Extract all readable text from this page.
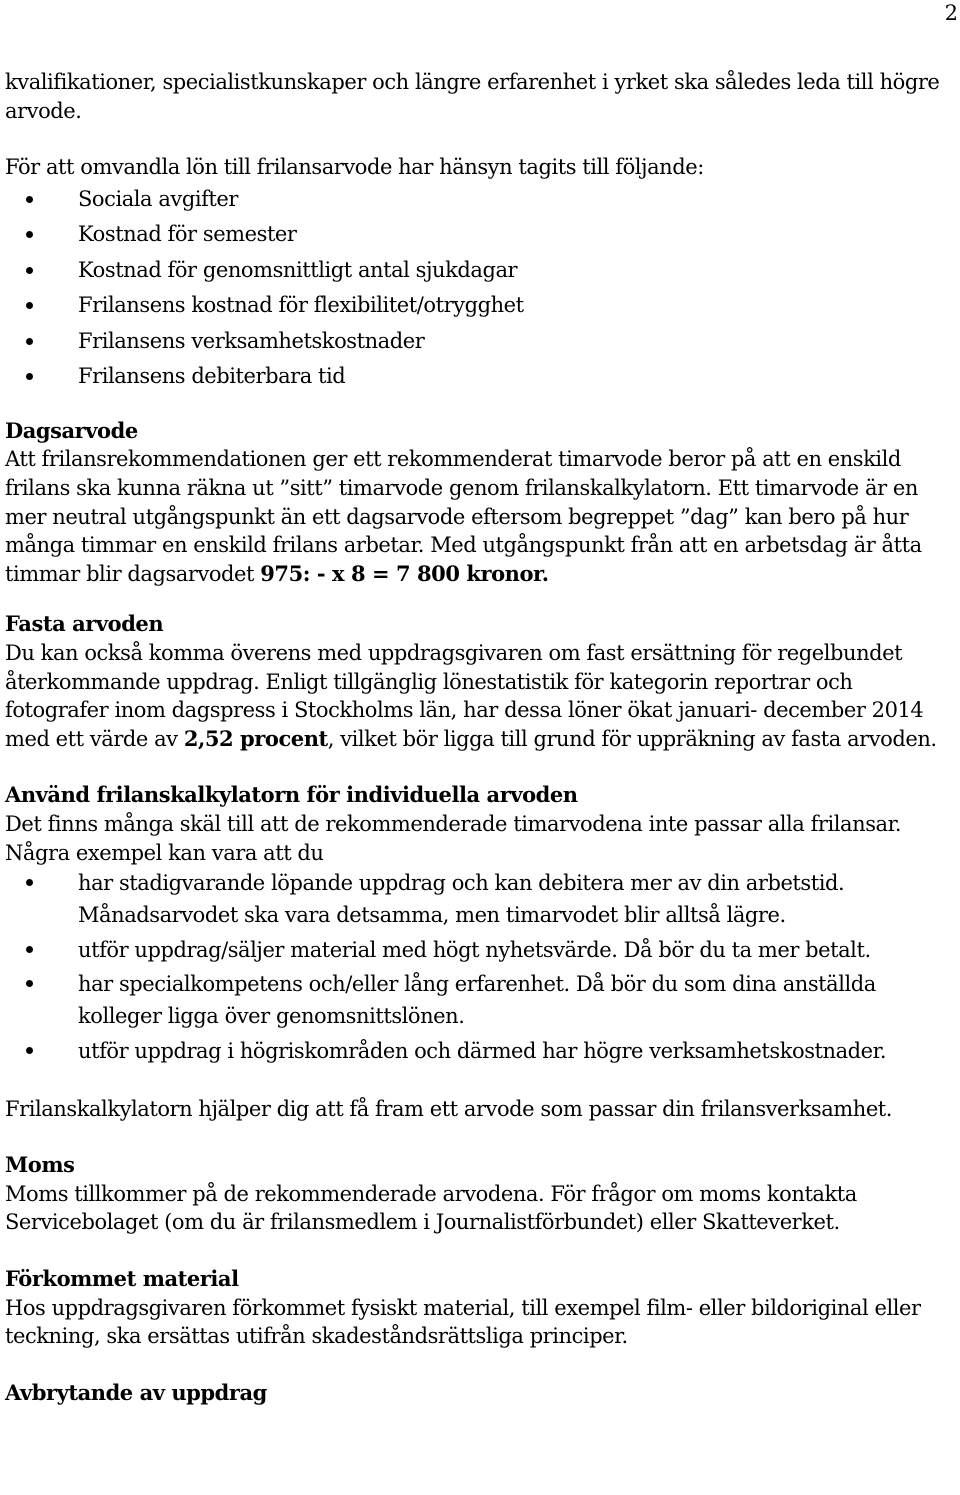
2

kvalifikationer, specialistkunskaper och längre erfarenhet i yrket ska således leda till högre arvode.

För att omvandla lön till frilansarvode har hänsyn tagits till följande:

Sociala avgifter
Kostnad för semester
Kostnad för genomsnittligt antal sjukdagar
Frilansens kostnad för flexibilitet/otrygghet
Frilansens verksamhetskostnader
Frilansens debiterbara tid
Dagsarvode

Att frilansrekommendationen ger ett rekommenderat timarvode beror på att en enskild frilans ska kunna räkna ut ”sitt” timarvode genom frilanskalkylatorn. Ett timarvode är en mer neutral utgångspunkt än ett dagsarvode eftersom begreppet ”dag” kan bero på hur många timmar en enskild frilans arbetar. Med utgångspunkt från att en arbetsdag är åtta timmar blir dagsarvodet 975: - x 8 = 7 800 kronor.

Fasta arvoden

Du kan också komma överens med uppdragsgivaren om fast ersättning för regelbundet återkommande uppdrag. Enligt tillgänglig lönestatistik för kategorin reportrar och fotografer inom dagspress i Stockholms län, har dessa löner ökat januari- december 2014 med ett värde av 2,52 procent, vilket bör ligga till grund för uppräkning av fasta arvoden.

Använd frilanskalkylatorn för individuella arvoden

Det finns många skäl till att de rekommenderade timarvodena inte passar alla frilansar. Några exempel kan vara att du

har stadigvarande löpande uppdrag och kan debitera mer av din arbetstid. Månadsarvodet ska vara detsamma, men timarvodet blir alltså lägre.
utför uppdrag/säljer material med högt nyhetsvärde. Då bör du ta mer betalt.
har specialkompetens och/eller lång erfarenhet. Då bör du som dina anställda kolleger ligga över genomsnittslönen.
utför uppdrag i högriskområden och därmed har högre verksamhetskostnader.

Frilanskalkylatorn hjälper dig att få fram ett arvode som passar din frilansverksamhet.

Moms

Moms tillkommer på de rekommenderade arvodena. För frågor om moms kontakta Servicebolaget (om du är frilansmedlem i Journalistförbundet) eller Skatteverket.

Förkommet material

Hos uppdragsgivaren förkommet fysiskt material, till exempel film- eller bildoriginal eller teckning, ska ersättas utifrån skadeståndsrättsliga principer.

Avbrytande av uppdrag
